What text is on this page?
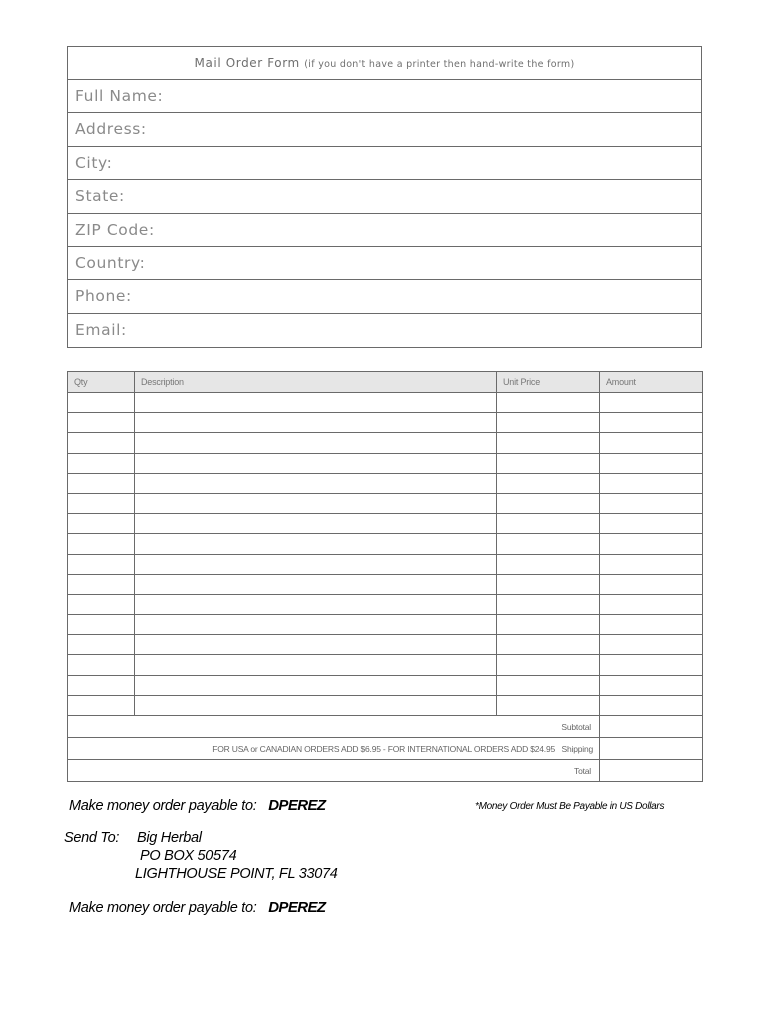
Mail Order Form (if you don't have a printer then hand-write the form)
Full Name:
Address:
City:
State:
ZIP Code:
Country:
Phone:
Email:
Qty	Description	Unit Price	Amount

Subtotal			
FOR USA or CANADIAN ORDERS ADD $6.95 - FOR INTERNATIONAL ORDERS ADD $24.95 Shipping			
Total			
Make money order payable to: DPEREZ	*Money Order Must Be Payable in US Dollars
Send To: Big Herbal
PO BOX 50574
LIGHTHOUSE POINT, FL 33074
Make money order payable to: DPEREZ
